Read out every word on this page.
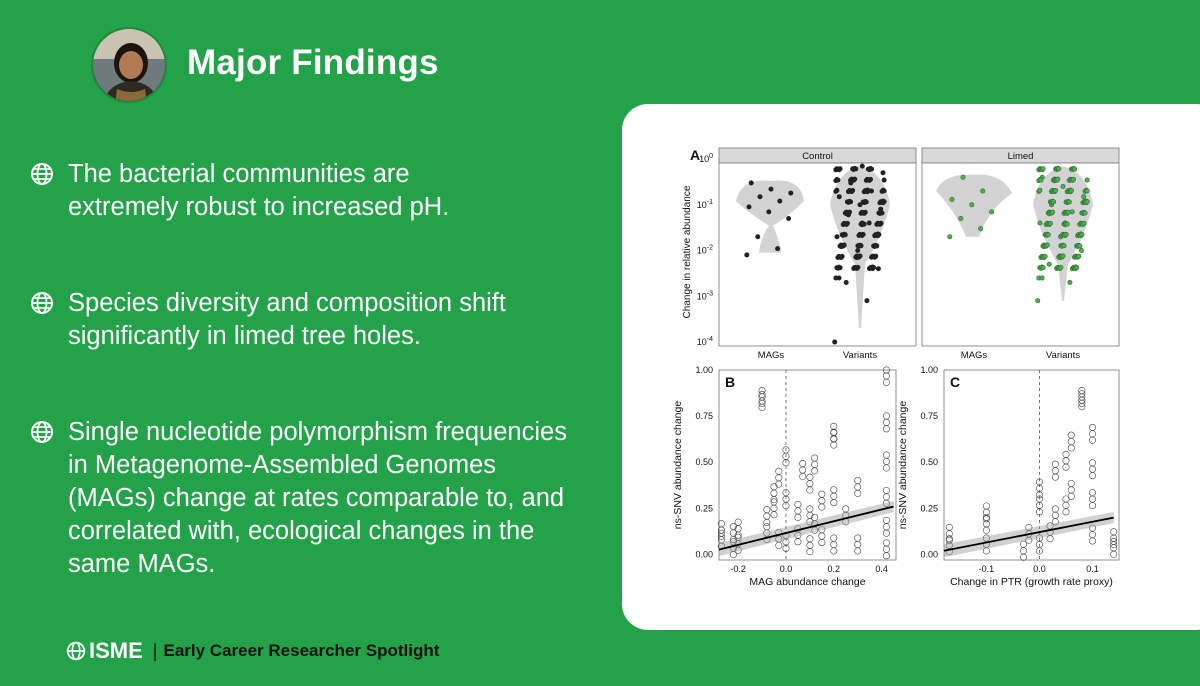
Major Findings
The bacterial communities are extremely robust to increased pH.
Species diversity and composition shift significantly in limed tree holes.
Single nucleotide polymorphism frequencies in Metagenome-Assembled Genomes (MAGs) change at rates comparable to, and correlated with, ecological changes in the same MAGs.
ISME | Early Career Researcher Spotlight
A
Change in relative abundance
$10^{-4}$
$10^{-3}$
$10^{-2}$
$10^{-1}$
$10^0$	Control
MAGs	Variants
Limed
MAGs	Variants
B
0.00
0.25
0.50
0.75
1.00
-0.2	0.0	0.2	0.4
MAG abundance change
ns-SNV abundance change
C
0.00
0.25
0.50
0.75
1.00
-0.1	0.0	0.1
Change in PTR (growth rate proxy)
ns-SNV abundance change
